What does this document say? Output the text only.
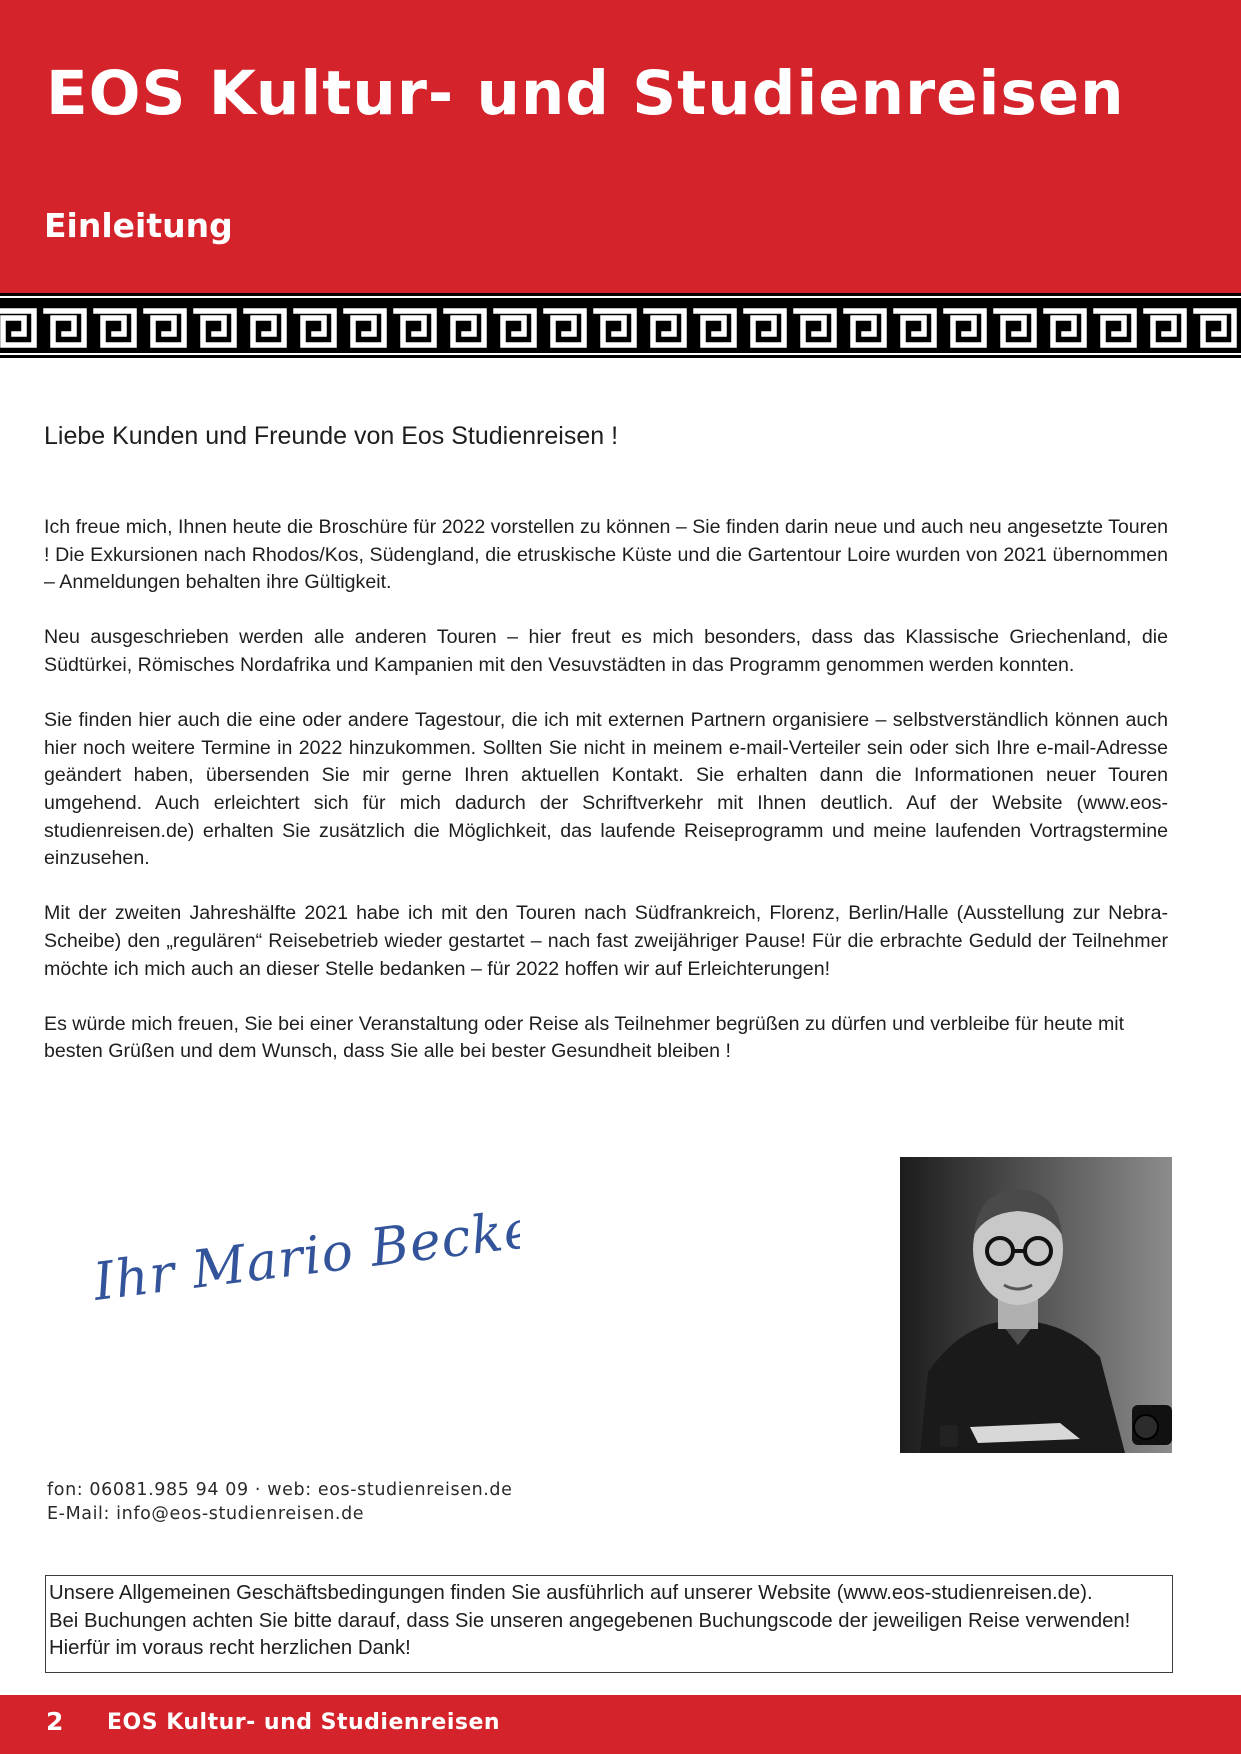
EOS Kultur- und Studienreisen
Einleitung
Liebe Kunden und Freunde von Eos Studienreisen !

Ich freue mich, Ihnen heute die Broschüre für 2022 vorstellen zu können – Sie finden darin neue und auch neu angesetzte Touren ! Die Exkursionen nach Rhodos/Kos, Südengland, die etruskische Küste und die Gartentour Loire wurden von 2021 übernommen – Anmeldungen behalten ihre Gültigkeit.

Neu ausgeschrieben werden alle anderen Touren – hier freut es mich besonders, dass das Klassische Griechenland, die Südtürkei, Römisches Nordafrika und Kampanien mit den Vesuvstädten in das Programm genommen werden konnten.

Sie finden hier auch die eine oder andere Tagestour, die ich mit externen Partnern organisiere – selbstverständlich können auch hier noch weitere Termine in 2022 hinzukommen. Sollten Sie nicht in meinem e-mail-Verteiler sein oder sich Ihre e-mail-Adresse geändert haben, übersenden Sie mir gerne Ihren aktuellen Kontakt. Sie erhalten dann die Informationen neuer Touren umgehend. Auch erleichtert sich für mich dadurch der Schriftverkehr mit Ihnen deutlich. Auf der Website (www.eos-studienreisen.de) erhalten Sie zusätzlich die Möglichkeit, das laufende Reiseprogramm und meine laufenden Vortragstermine einzusehen.

Mit der zweiten Jahreshälfte 2021 habe ich mit den Touren nach Südfrankreich, Florenz, Berlin/Halle (Ausstellung zur Nebra-Scheibe) den „regulären“ Reisebetrieb wieder gestartet – nach fast zweijähriger Pause! Für die erbrachte Geduld der Teilnehmer möchte ich mich auch an dieser Stelle bedanken – für 2022 hoffen wir auf Erleichterungen!

Es würde mich freuen, Sie bei einer Veranstaltung oder Reise als Teilnehmer begrüßen zu dürfen und verbleibe für heute mit besten Grüßen und dem Wunsch, dass Sie alle bei bester Gesundheit bleiben !

Ihr Mario Becker
fon: 06081.985 94 09 · web: eos-studienreisen.de
E-Mail: info@eos-studienreisen.de
Unsere Allgemeinen Geschäftsbedingungen finden Sie ausführlich auf unserer Website (www.eos-studienreisen.de).
Bei Buchungen achten Sie bitte darauf, dass Sie unseren angegebenen Buchungscode der jeweiligen Reise verwenden!
Hierfür im voraus recht herzlichen Dank!
2 EOS Kultur- und Studienreisen
